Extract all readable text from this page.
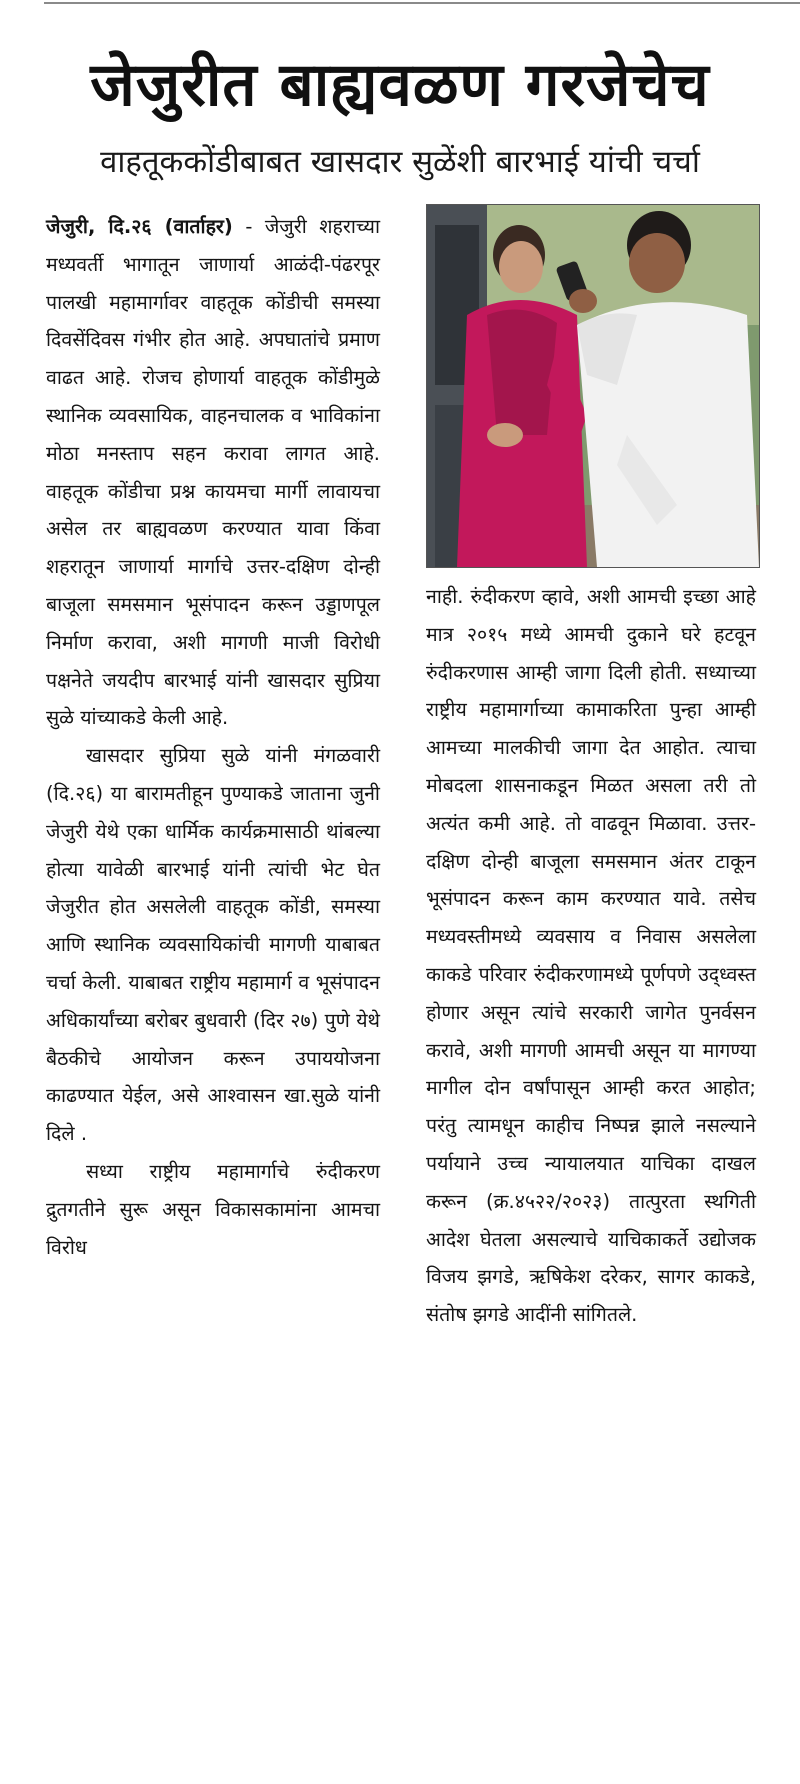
जेजुरीत बाह्यवळण गरजेचेच
वाहतूककोंडीबाबत खासदार सुळेंशी बारभाई यांची चर्चा

जेजुरी, दि.२६ (वार्ताहर) - जेजुरी शहराच्या मध्यवर्ती भागातून जाणार्या आळंदी-पंढरपूर पालखी महामार्गावर वाहतूक कोंडीची समस्या दिवसेंदिवस गंभीर होत आहे. अपघातांचे प्रमाण वाढत आहे. रोजच होणार्या वाहतूक कोंडीमुळे स्थानिक व्यवसायिक, वाहनचालक व भाविकांना मोठा मनस्ताप सहन करावा लागत आहे. वाहतूक कोंडीचा प्रश्न कायमचा मार्गी लावायचा असेल तर बाह्यवळण करण्यात यावा किंवा शहरातून जाणार्या मार्गाचे उत्तर-दक्षिण दोन्ही बाजूला समसमान भूसंपादन करून उड्डाणपूल निर्माण करावा, अशी मागणी माजी विरोधी पक्षनेते जयदीप बारभाई यांनी खासदार सुप्रिया सुळे यांच्याकडे केली आहे.

खासदार सुप्रिया सुळे यांनी मंगळवारी (दि.२६) या बारामतीहून पुण्याकडे जाताना जुनी जेजुरी येथे एका धार्मिक कार्यक्रमासाठी थांबल्या होत्या यावेळी बारभाई यांनी त्यांची भेट घेत जेजुरीत होत असलेली वाहतूक कोंडी, समस्या आणि स्थानिक व्यवसायिकांची मागणी याबाबत चर्चा केली. याबाबत राष्ट्रीय महामार्ग व भूसंपादन अधिकार्यांच्या बरोबर बुधवारी (दिर २७) पुणे येथे बैठकीचे आयोजन करून उपाययोजना काढण्यात येईल, असे आश्वासन खा.सुळे यांनी दिले .

सध्या राष्ट्रीय महामार्गाचे रुंदीकरण द्रुतगतीने सुरू असून विकासकामांना आमचा विरोध

नाही. रुंदीकरण व्हावे, अशी आमची इच्छा आहे मात्र २०१५ मध्ये आमची दुकाने घरे हटवून रुंदीकरणास आम्ही जागा दिली होती. सध्याच्या राष्ट्रीय महामार्गाच्या कामाकरिता पुन्हा आम्ही आमच्या मालकीची जागा देत आहोत. त्याचा मोबदला शासनाकडून मिळत असला तरी तो अत्यंत कमी आहे. तो वाढवून मिळावा. उत्तर-दक्षिण दोन्ही बाजूला समसमान अंतर टाकून भूसंपादन करून काम करण्यात यावे. तसेच मध्यवस्तीमध्ये व्यवसाय व निवास असलेला काकडे परिवार रुंदीकरणामध्ये पूर्णपणे उद्ध्वस्त होणार असून त्यांचे सरकारी जागेत पुनर्वसन करावे, अशी मागणी आमची असून या मागण्या मागील दोन वर्षांपासून आम्ही करत आहोत; परंतु त्यामधून काहीच निष्पन्न झाले नसल्याने पर्यायाने उच्च न्यायालयात याचिका दाखल करून (क्र.४५२२/२०२३) तात्पुरता स्थगिती आदेश घेतला असल्याचे याचिकाकर्ते उद्योजक विजय झगडे, ऋषिकेश दरेकर, सागर काकडे, संतोष झगडे आदींनी सांगितले.
